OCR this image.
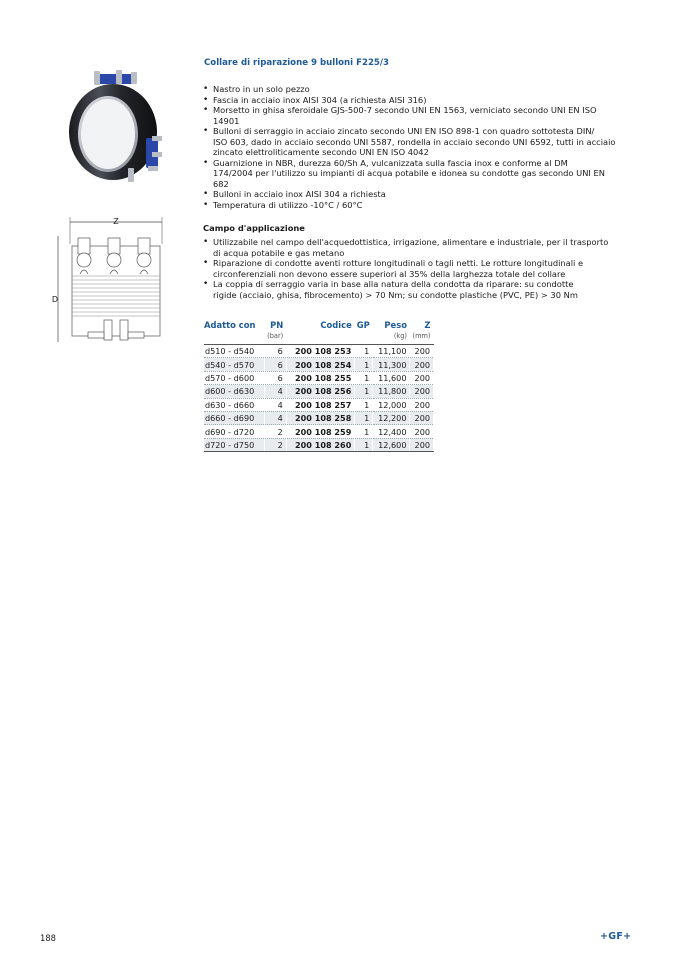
Z
D
Collare di riparazione 9 bulloni F225/3
• Nastro in un solo pezzo
• Fascia in acciaio inox AISI 304 (a richiesta AISI 316)
• Morsetto in ghisa sferoidale GJS-500-7 secondo UNI EN 1563, verniciato secondo UNI EN ISO
14901
• Bulloni di serraggio in acciaio zincato secondo UNI EN ISO 898-1 con quadro sottotesta DIN/
ISO 603, dado in acciaio secondo UNI 5587, rondella in acciaio secondo UNI 6592, tutti in acciaio
zincato elettroliticamente secondo UNI EN ISO 4042
• Guarnizione in NBR, durezza 60/Sh A, vulcanizzata sulla fascia inox e conforme al DM
174/2004 per l'utilizzo su impianti di acqua potabile e idonea su condotte gas secondo UNI EN
682
• Bulloni in acciaio inox AISI 304 a richiesta
• Temperatura di utilizzo -10°C / 60°C
Campo d'applicazione
• Utilizzabile nel campo dell'acquedottistica, irrigazione, alimentare e industriale, per il trasporto
di acqua potabile e gas metano
• Riparazione di condotte aventi rotture longitudinali o tagli netti. Le rotture longitudinali e
circonferenziali non devono essere superiori al 35% della larghezza totale del collare
• La coppia di serraggio varia in base alla natura della condotta da riparare: su condotte
rigide (acciaio, ghisa, fibrocemento) > 70 Nm; su condotte plastiche (PVC, PE) > 30 Nm
Adatto con	PN	Codice	GP	Peso	Z
	(bar)			(kg)	(mm)
d510 - d540	6	200 108 253	1	11,100	200
d540 - d570	6	200 108 254	1	11,300	200
d570 - d600	6	200 108 255	1	11,600	200
d600 - d630	4	200 108 256	1	11,800	200
d630 - d660	4	200 108 257	1	12,000	200
d660 - d690	4	200 108 258	1	12,200	200
d690 - d720	2	200 108 259	1	12,400	200
d720 - d750	2	200 108 260	1	12,600	200
188	+GF+
